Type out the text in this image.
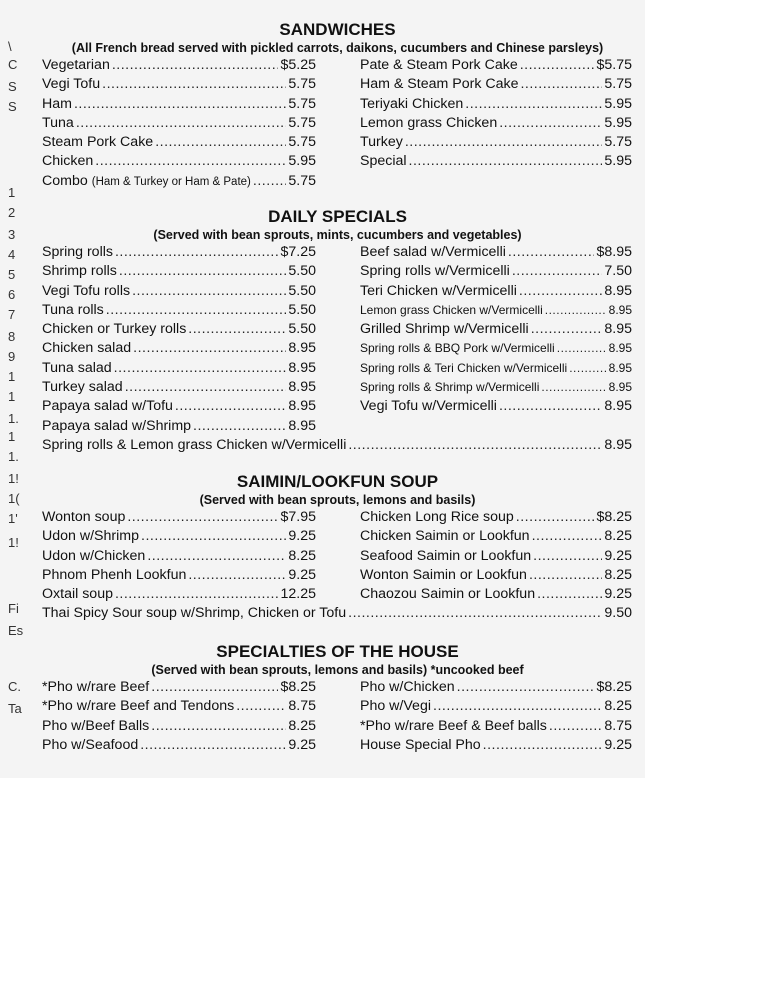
\
C
S
S
1
2
3
4
5
6
7
8
9
1
1
1.
1
1.
1!
1(
1'
1!
Fi
Es
C.
Ta
SANDWICHES
(All French bread served with pickled carrots, daikons, cucumbers and Chinese parsleys)
Vegetarian .....	$5.25
Vegi Tofu .....	5.75
Ham .....	5.75
Tuna .....	5.75
Steam Pork Cake .....	5.75
Chicken .....	5.95
Combo (Ham & Turkey or Ham & Pate) .....	5.75
Pate & Steam Pork Cake .....	$5.75
Ham & Steam Pork Cake .....	5.75
Teriyaki Chicken .....	5.95
Lemon grass Chicken .....	5.95
Turkey .....	5.75
Special .....	5.95
DAILY SPECIALS
(Served with bean sprouts, mints, cucumbers and vegetables)
Spring rolls .....	$7.25
Shrimp rolls .....	5.50
Vegi Tofu rolls .....	5.50
Tuna rolls .....	5.50
Chicken or Turkey rolls .....	5.50
Chicken salad .....	8.95
Tuna salad .....	8.95
Turkey salad .....	8.95
Papaya salad w/Tofu .....	8.95
Papaya salad w/Shrimp .....	8.95
Beef salad w/Vermicelli .....	$8.95
Spring rolls w/Vermicelli .....	7.50
Teri Chicken w/Vermicelli .....	8.95
Lemon grass Chicken w/Vermicelli .....	8.95
Grilled Shrimp w/Vermicelli .....	8.95
Spring rolls & BBQ Pork w/Vermicelli .....	8.95
Spring rolls & Teri Chicken w/Vermicelli .....	8.95
Spring rolls & Shrimp w/Vermicelli .....	8.95
Vegi Tofu w/Vermicelli .....	8.95
Spring rolls & Lemon grass Chicken w/Vermicelli .....	8.95
SAIMIN/LOOKFUN SOUP
(Served with bean sprouts, lemons and basils)
Wonton soup .....	$7.95
Udon w/Shrimp .....	9.25
Udon w/Chicken .....	8.25
Phnom Phenh Lookfun .....	9.25
Oxtail soup .....	12.25
Chicken Long Rice soup .....	$8.25
Chicken Saimin or Lookfun .....	8.25
Seafood Saimin or Lookfun .....	9.25
Wonton Saimin or Lookfun .....	8.25
Chaozou Saimin or Lookfun .....	9.25
Thai Spicy Sour soup w/Shrimp, Chicken or Tofu .....	9.50
SPECIALTIES OF THE HOUSE
(Served with bean sprouts, lemons and basils) *uncooked beef
*Pho w/rare Beef .....	$8.25
*Pho w/rare Beef and Tendons .....	8.75
Pho w/Beef Balls .....	8.25
Pho w/Seafood .....	9.25
Pho w/Chicken .....	$8.25
Pho w/Vegi .....	8.25
*Pho w/rare Beef & Beef balls .....	8.75
House Special Pho .....	9.25
